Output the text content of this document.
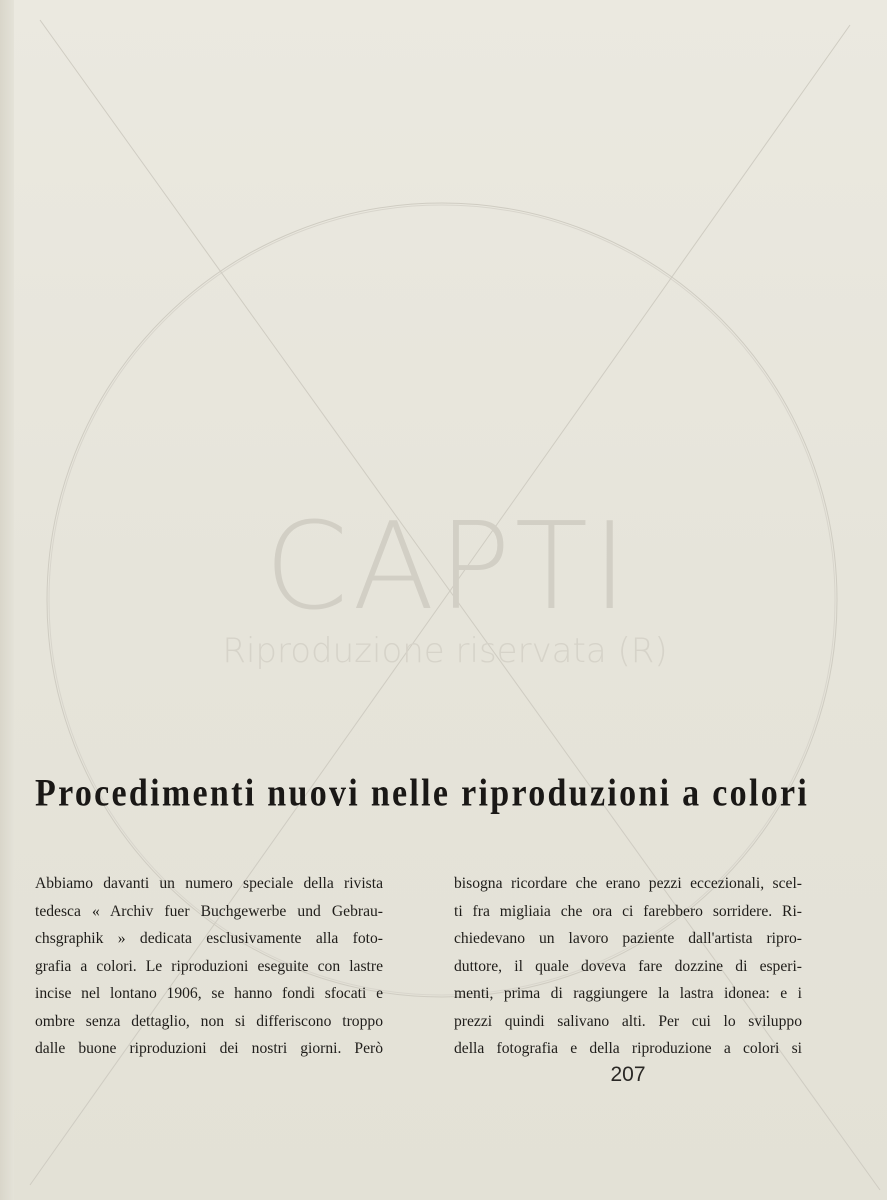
CAPTI
Riproduzione riservata (R)
Procedimenti nuovi nelle riproduzioni a colori
Abbiamo davanti un numero speciale della rivista
tedesca « Archiv fuer Buchgewerbe und Gebrau-
chsgraphik » dedicata esclusivamente alla foto-
grafia a colori. Le riproduzioni eseguite con lastre
incise nel lontano 1906, se hanno fondi sfocati e
ombre senza dettaglio, non si differiscono troppo
dalle buone riproduzioni dei nostri giorni. Però
bisogna ricordare che erano pezzi eccezionali, scel-
ti fra migliaia che ora ci farebbero sorridere. Ri-
chiedevano un lavoro paziente dall'artista ripro-
duttore, il quale doveva fare dozzine di esperi-
menti, prima di raggiungere la lastra idonea: e i
prezzi quindi salivano alti. Per cui lo sviluppo
della fotografia e della riproduzione a colori si
207
